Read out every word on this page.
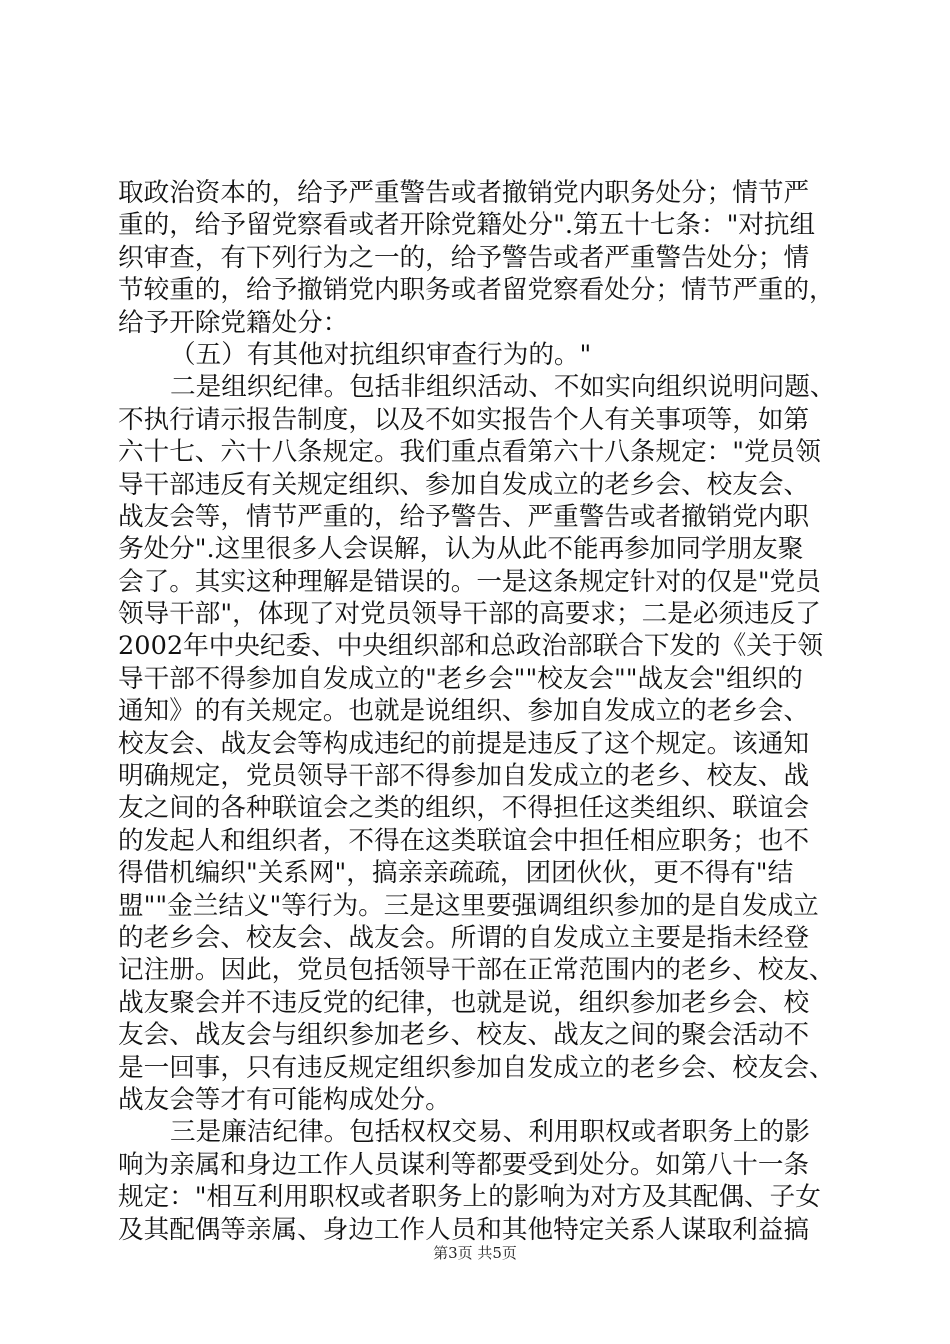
取政治资本的，给予严重警告或者撤销党内职务处分；情节严
重的，给予留党察看或者开除党籍处分".第五十七条："对抗组
织审查，有下列行为之一的，给予警告或者严重警告处分；情
节较重的，给予撤销党内职务或者留党察看处分；情节严重的，
给予开除党籍处分：
（五）有其他对抗组织审查行为的。"
二是组织纪律。包括非组织活动、不如实向组织说明问题、
不执行请示报告制度，以及不如实报告个人有关事项等，如第
六十七、六十八条规定。我们重点看第六十八条规定："党员领
导干部违反有关规定组织、参加自发成立的老乡会、校友会、
战友会等，情节严重的，给予警告、严重警告或者撤销党内职
务处分".这里很多人会误解，认为从此不能再参加同学朋友聚
会了。其实这种理解是错误的。一是这条规定针对的仅是"党员
领导干部"，体现了对党员领导干部的高要求；二是必须违反了
2002年中央纪委、中央组织部和总政治部联合下发的《关于领
导干部不得参加自发成立的"老乡会""校友会""战友会"组织的
通知》的有关规定。也就是说组织、参加自发成立的老乡会、
校友会、战友会等构成违纪的前提是违反了这个规定。该通知
明确规定，党员领导干部不得参加自发成立的老乡、校友、战
友之间的各种联谊会之类的组织，不得担任这类组织、联谊会
的发起人和组织者，不得在这类联谊会中担任相应职务；也不
得借机编织"关系网"，搞亲亲疏疏，团团伙伙，更不得有"结
盟""金兰结义"等行为。三是这里要强调组织参加的是自发成立
的老乡会、校友会、战友会。所谓的自发成立主要是指未经登
记注册。因此，党员包括领导干部在正常范围内的老乡、校友、
战友聚会并不违反党的纪律，也就是说，组织参加老乡会、校
友会、战友会与组织参加老乡、校友、战友之间的聚会活动不
是一回事，只有违反规定组织参加自发成立的老乡会、校友会、
战友会等才有可能构成处分。
三是廉洁纪律。包括权权交易、利用职权或者职务上的影
响为亲属和身边工作人员谋利等都要受到处分。如第八十一条
规定："相互利用职权或者职务上的影响为对方及其配偶、子女
及其配偶等亲属、身边工作人员和其他特定关系人谋取利益搞
第3页 共5页
